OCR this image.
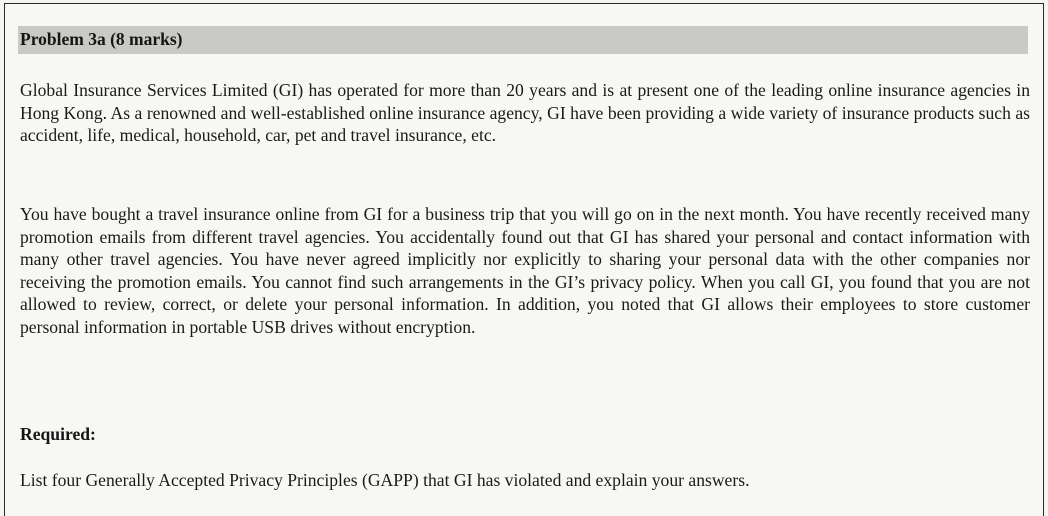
Problem 3a (8 marks)

Global Insurance Services Limited (GI) has operated for more than 20 years and is at present one of the leading online insurance agencies in Hong Kong. As a renowned and well-established online insurance agency, GI have been providing a wide variety of insurance products such as accident, life, medical, household, car, pet and travel insurance, etc.

You have bought a travel insurance online from GI for a business trip that you will go on in the next month. You have recently received many promotion emails from different travel agencies. You accidentally found out that GI has shared your personal and contact information with many other travel agencies. You have never agreed implicitly nor explicitly to sharing your personal data with the other companies nor receiving the promotion emails. You cannot find such arrangements in the GI’s privacy policy. When you call GI, you found that you are not allowed to review, correct, or delete your personal information. In addition, you noted that GI allows their employees to store customer personal information in portable USB drives without encryption.

Required:

List four Generally Accepted Privacy Principles (GAPP) that GI has violated and explain your answers.
